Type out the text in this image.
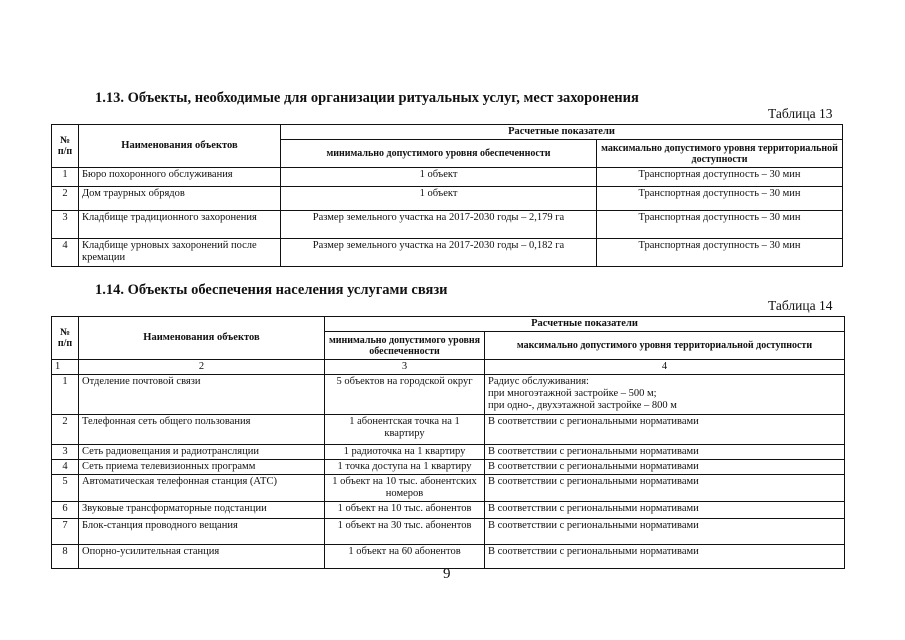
1.13. Объекты, необходимые для организации ритуальных услуг, мест захоронения
Таблица 13
№ п/п	Наименования объектов	Расчетные показатели	
		минимально допустимого уровня обеспеченности	максимально допустимого уровня территориальной доступности
1	Бюро похоронного обслуживания	1 объект	Транспортная доступность – 30 мин
2	Дом траурных обрядов	1 объект	Транспортная доступность – 30 мин
3	Кладбище традиционного захоронения	Размер земельного участка на 2017-2030 годы – 2,179 га	Транспортная доступность – 30 мин
4	Кладбище урновых захоронений после кремации	Размер земельного участка на 2017-2030 годы – 0,182 га	Транспортная доступность – 30 мин
1.14. Объекты обеспечения населения услугами связи
Таблица 14
№ п/п	Наименования объектов	Расчетные показатели	
		минимально допустимого уровня обеспеченности	максимально допустимого уровня территориальной доступности
1	2	3	4
1	Отделение почтовой связи	5 объектов на городской округ	Радиус обслуживания:
при многоэтажной застройке – 500 м;
при одно-, двухэтажной застройке – 800 м
2	Телефонная сеть общего пользования	1 абонентская точка на 1 квартиру	В соответствии с региональными нормативами
3	Сеть радиовещания и радиотрансляции	1 радиоточка на 1 квартиру	В соответствии с региональными нормативами
4	Сеть приема телевизионных программ	1 точка доступа на 1 квартиру	В соответствии с региональными нормативами
5	Автоматическая телефонная станция (АТС)	1 объект на 10 тыс. абонентских номеров	В соответствии с региональными нормативами
6	Звуковые трансформаторные подстанции	1 объект на 10 тыс. абонентов	В соответствии с региональными нормативами
7	Блок-станция проводного вещания	1 объект на 30 тыс. абонентов	В соответствии с региональными нормативами
8	Опорно-усилительная станция	1 объект на 60 абонентов	В соответствии с региональными нормативами
9
